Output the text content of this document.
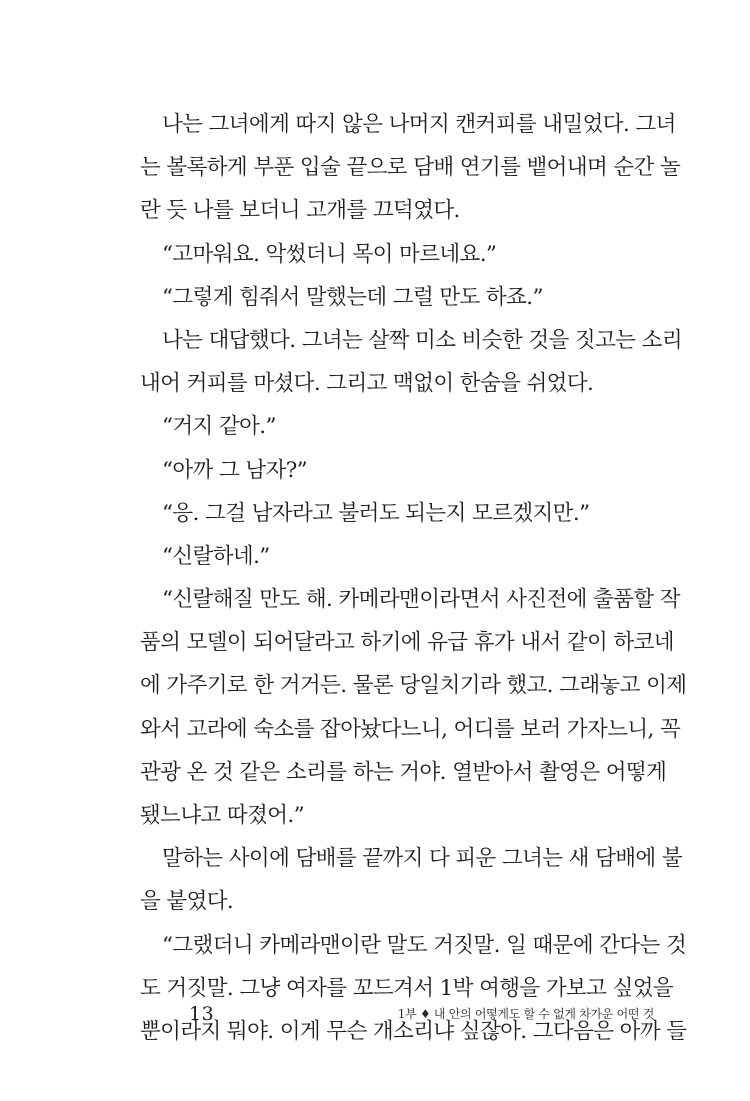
나는 그녀에게 따지 않은 나머지 캔커피를 내밀었다. 그녀
는 볼록하게 부푼 입술 끝으로 담배 연기를 뱉어내며 순간 놀
란 듯 나를 보더니 고개를 끄덕였다.
“고마워요. 악썼더니 목이 마르네요.”
“그렇게 힘줘서 말했는데 그럴 만도 하죠.”
나는 대답했다. 그녀는 살짝 미소 비슷한 것을 짓고는 소리
내어 커피를 마셨다. 그리고 맥없이 한숨을 쉬었다.
“거지 같아.”
“아까 그 남자?”
“응. 그걸 남자라고 불러도 되는지 모르겠지만.”
“신랄하네.”
“신랄해질 만도 해. 카메라맨이라면서 사진전에 출품할 작
품의 모델이 되어달라고 하기에 유급 휴가 내서 같이 하코네
에 가주기로 한 거거든. 물론 당일치기라 했고. 그래놓고 이제
와서 고라에 숙소를 잡아놨다느니, 어디를 보러 가자느니, 꼭
관광 온 것 같은 소리를 하는 거야. 열받아서 촬영은 어떻게
됐느냐고 따졌어.”
말하는 사이에 담배를 끝까지 다 피운 그녀는 새 담배에 불
을 붙였다.
“그랬더니 카메라맨이란 말도 거짓말. 일 때문에 간다는 것
도 거짓말. 그냥 여자를 꼬드겨서 1박 여행을 가보고 싶었을
뿐이라지 뭐야. 이게 무슨 개소리냐 싶잖아. 그다음은 아까 들
13	1부 ♦ 내 안의 어떻게도 할 수 없게 차가운 어떤 것
